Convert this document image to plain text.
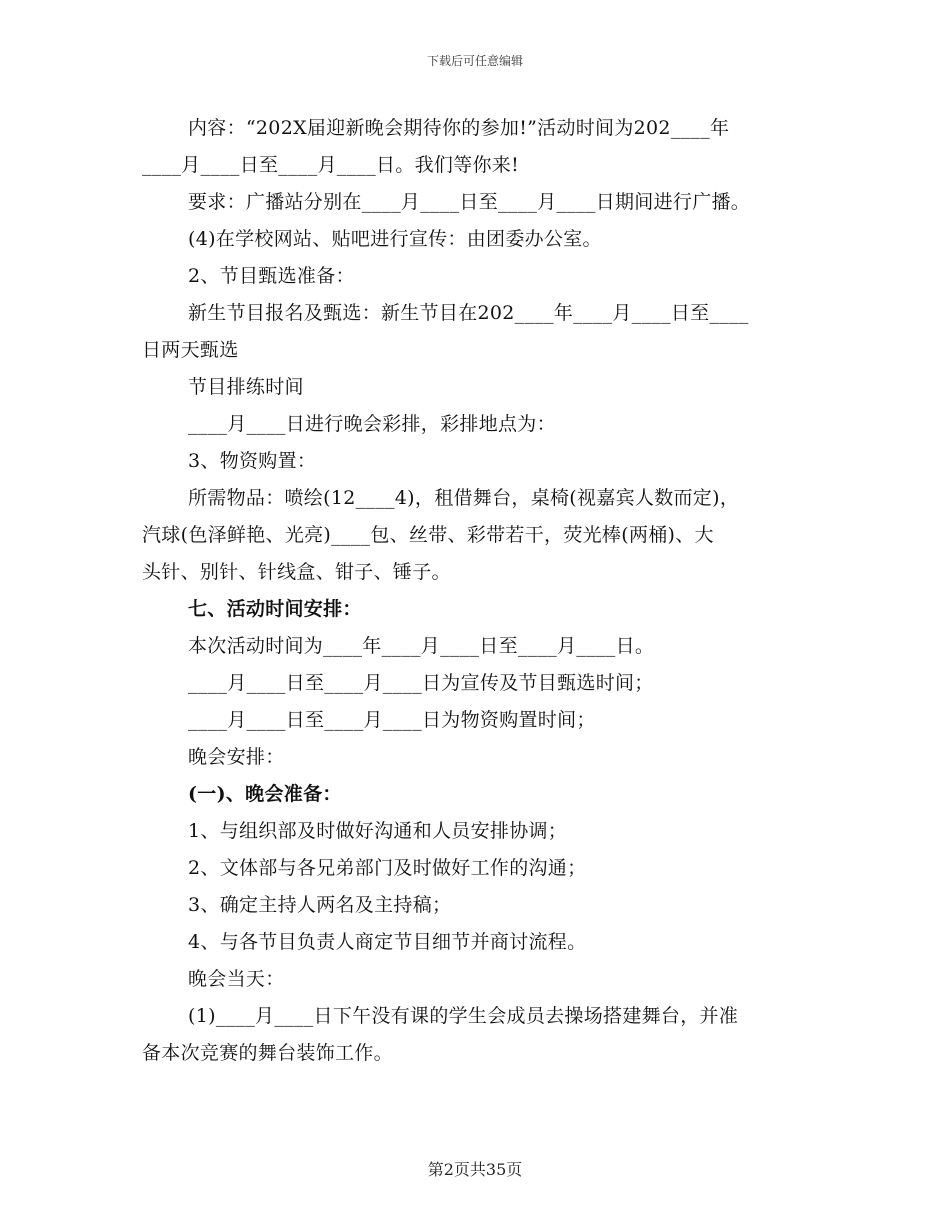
下载后可任意编辑
内容：“202X届迎新晚会期待你的参加!”活动时间为202____年
____月____日至____月____日。我们等你来!
要求：广播站分别在____月____日至____月____日期间进行广播。
(4)在学校网站、贴吧进行宣传：由团委办公室。
2、节目甄选准备：
新生节目报名及甄选：新生节目在202____年____月____日至____
日两天甄选
节目排练时间
____月____日进行晚会彩排，彩排地点为：
3、物资购置：
所需物品：喷绘(12____4)，租借舞台，桌椅(视嘉宾人数而定)，
汽球(色泽鲜艳、光亮)____包、丝带、彩带若干，荧光棒(两桶)、大
头针、别针、针线盒、钳子、锤子。
七、活动时间安排：
本次活动时间为____年____月____日至____月____日。
____月____日至____月____日为宣传及节目甄选时间；
____月____日至____月____日为物资购置时间；
晚会安排：
(一)、晚会准备：
1、与组织部及时做好沟通和人员安排协调；
2、文体部与各兄弟部门及时做好工作的沟通；
3、确定主持人两名及主持稿；
4、与各节目负责人商定节目细节并商讨流程。
晚会当天：
(1)____月____日下午没有课的学生会成员去操场搭建舞台，并准
备本次竞赛的舞台装饰工作。
第2页共35页
